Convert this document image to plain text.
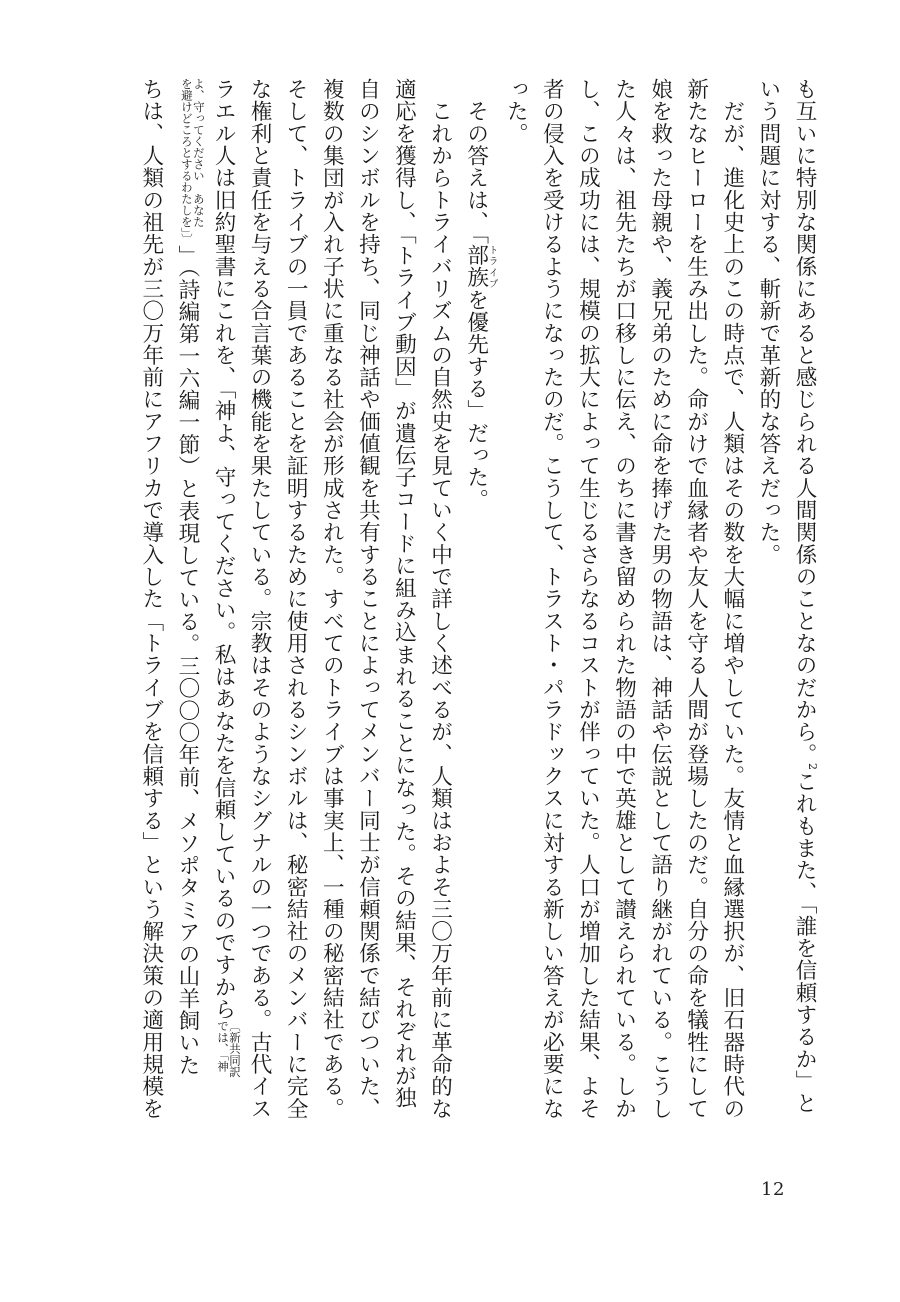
も互いに特別な関係にあると感じられる人間関係のことなのだから。$^2$これもまた、「誰を信頼するか」と
いう問題に対する、斬新で革新的な答えだった。
　だが、進化史上のこの時点で、人類はその数を大幅に増やしていた。友情と血縁選択が、旧石器時代の
新たなヒーローを生み出した。命がけで血縁者や友人を守る人間が登場したのだ。自分の命を犠牲にして
娘を救った母親や、義兄弟のために命を捧げた男の物語は、神話や伝説として語り継がれている。こうし
た人々は、祖先たちが口移しに伝え、のちに書き留められた物語の中で英雄として讃えられている。しか
し、この成功には、規模の拡大によって生じるさらなるコストが伴っていた。人口が増加した結果、よそ
者の侵入を受けるようになったのだ。こうして、トラスト・パラドックスに対する新しい答えが必要にな
った。
　その答えは、「部族トライブを優先する」だった。
　これからトライバリズムの自然史を見ていく中で詳しく述べるが、人類はおよそ三〇万年前に革命的な
適応を獲得し、「トライブ動因」が遺伝子コードに組み込まれることになった。その結果、それぞれが独
自のシンボルを持ち、同じ神話や価値観を共有することによってメンバー同士が信頼関係で結びついた、
複数の集団が入れ子状に重なる社会が形成された。すべてのトライブは事実上、一種の秘密結社である。
そして、トライブの一員であることを証明するために使用されるシンボルは、秘密結社のメンバーに完全
な権利と責任を与える合言葉の機能を果たしている。宗教はそのようなシグナルの一つである。古代イス
ラエル人は旧約聖書にこれを、「神よ、守ってください。私はあなたを信頼しているのですから
〔新共同訳
では、「神
よ、守ってください　あなた
を避けどころとするわたしを」〕
」（詩編第一六編一節）と表現している。三〇〇〇年前、メソポタミアの山羊飼いた
ちは、人類の祖先が三〇万年前にアフリカで導入した「トライブを信頼する」という解決策の適用規模を
12
